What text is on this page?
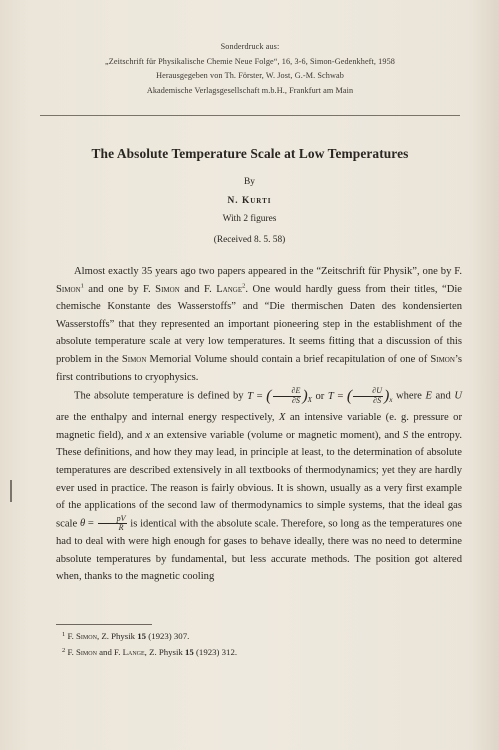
Sonderdruck aus:
„Zeitschrift für Physikalische Chemie Neue Folge“, 16, 3-6, Simon-Gedenkheft, 1958
Herausgegeben von Th. Förster, W. Jost, G.-M. Schwab
Akademische Verlagsgesellschaft m.b.H., Frankfurt am Main
The Absolute Temperature Scale at Low Temperatures
By
N. Kurti
With 2 figures
(Received 8. 5. 58)

Almost exactly 35 years ago two papers appeared in the “Zeitschrift für Physik”, one by F. Simon$^1$ and one by F. Simon and F. Lange$^2$. One would hardly guess from their titles, “Die chemische Konstante des Wasserstoffs” and “Die thermischen Daten des kondensierten Wasserstoffs” that they represented an important pioneering step in the establishment of the absolute temperature scale at very low temperatures. It seems fitting that a discussion of this problem in the Simon Memorial Volume should contain a brief recapitulation of one of Simon’s first contributions to cryophysics.

The absolute temperature is defined by T = ( $\frac{\partial E}{\partial S} )_X$ or T = ( $\frac{\partial U}{\partial S} )_x$ where E and U are the enthalpy and internal energy respectively, X an intensive variable (e. g. pressure or magnetic field), and x an extensive variable (volume or magnetic moment), and S the entropy. These definitions, and how they may lead, in principle at least, to the determination of absolute temperatures are described extensively in all textbooks of thermodynamics; yet they are hardly ever used in practice. The reason is fairly obvious. It is shown, usually as a very first example of the applications of the second law of thermodynamics to simple systems, that the ideal gas scale $\theta = \frac{pV}{R}$ is identical with the absolute scale. Therefore, so long as the temperatures one had to deal with were high enough for gases to behave ideally, there was no need to determine absolute temperatures by fundamental, but less accurate methods. The position got altered when, thanks to the magnetic cooling

$^1$ F. Simon, Z. Physik 15 (1923) 307.
$^2$ F. Simon and F. Lange, Z. Physik 15 (1923) 312.
